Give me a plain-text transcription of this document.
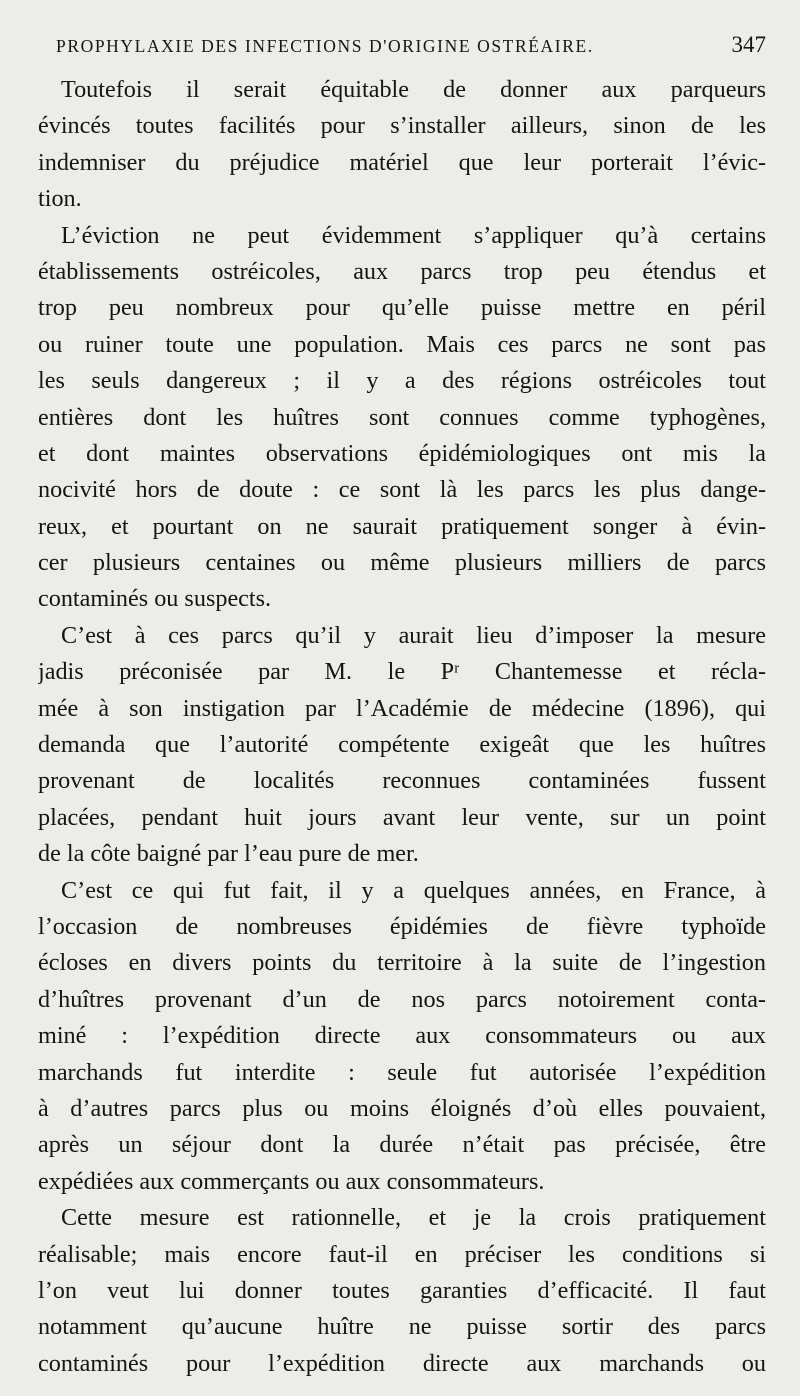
PROPHYLAXIE DES INFECTIONS D'ORIGINE OSTRÉAIRE.	347
Toutefois il serait équitable de donner aux parqueurs
évincés toutes facilités pour s’installer ailleurs, sinon de les
indemniser du préjudice matériel que leur porterait l’évic-
tion.
L’éviction ne peut évidemment s’appliquer qu’à certains
établissements ostréicoles, aux parcs trop peu étendus et
trop peu nombreux pour qu’elle puisse mettre en péril
ou ruiner toute une population. Mais ces parcs ne sont pas
les seuls dangereux ; il y a des régions ostréicoles tout
entières dont les huîtres sont connues comme typhogènes,
et dont maintes observations épidémiologiques ont mis la
nocivité hors de doute : ce sont là les parcs les plus dange-
reux, et pourtant on ne saurait pratiquement songer à évin-
cer plusieurs centaines ou même plusieurs milliers de parcs
contaminés ou suspects.
C’est à ces parcs qu’il y aurait lieu d’imposer la mesure
jadis préconisée par M. le Pʳ Chantemesse et récla-
mée à son instigation par l’Académie de médecine (1896), qui
demanda que l’autorité compétente exigeât que les huîtres
provenant de localités reconnues contaminées fussent
placées, pendant huit jours avant leur vente, sur un point
de la côte baigné par l’eau pure de mer.
C’est ce qui fut fait, il y a quelques années, en France, à
l’occasion de nombreuses épidémies de fièvre typhoïde
écloses en divers points du territoire à la suite de l’ingestion
d’huîtres provenant d’un de nos parcs notoirement conta-
miné : l’expédition directe aux consommateurs ou aux
marchands fut interdite : seule fut autorisée l’expédition
à d’autres parcs plus ou moins éloignés d’où elles pouvaient,
après un séjour dont la durée n’était pas précisée, être
expédiées aux commerçants ou aux consommateurs.
Cette mesure est rationnelle, et je la crois pratiquement
réalisable; mais encore faut-il en préciser les conditions si
l’on veut lui donner toutes garanties d’efficacité. Il faut
notamment qu’aucune huître ne puisse sortir des parcs
contaminés pour l’expédition directe aux marchands ou
